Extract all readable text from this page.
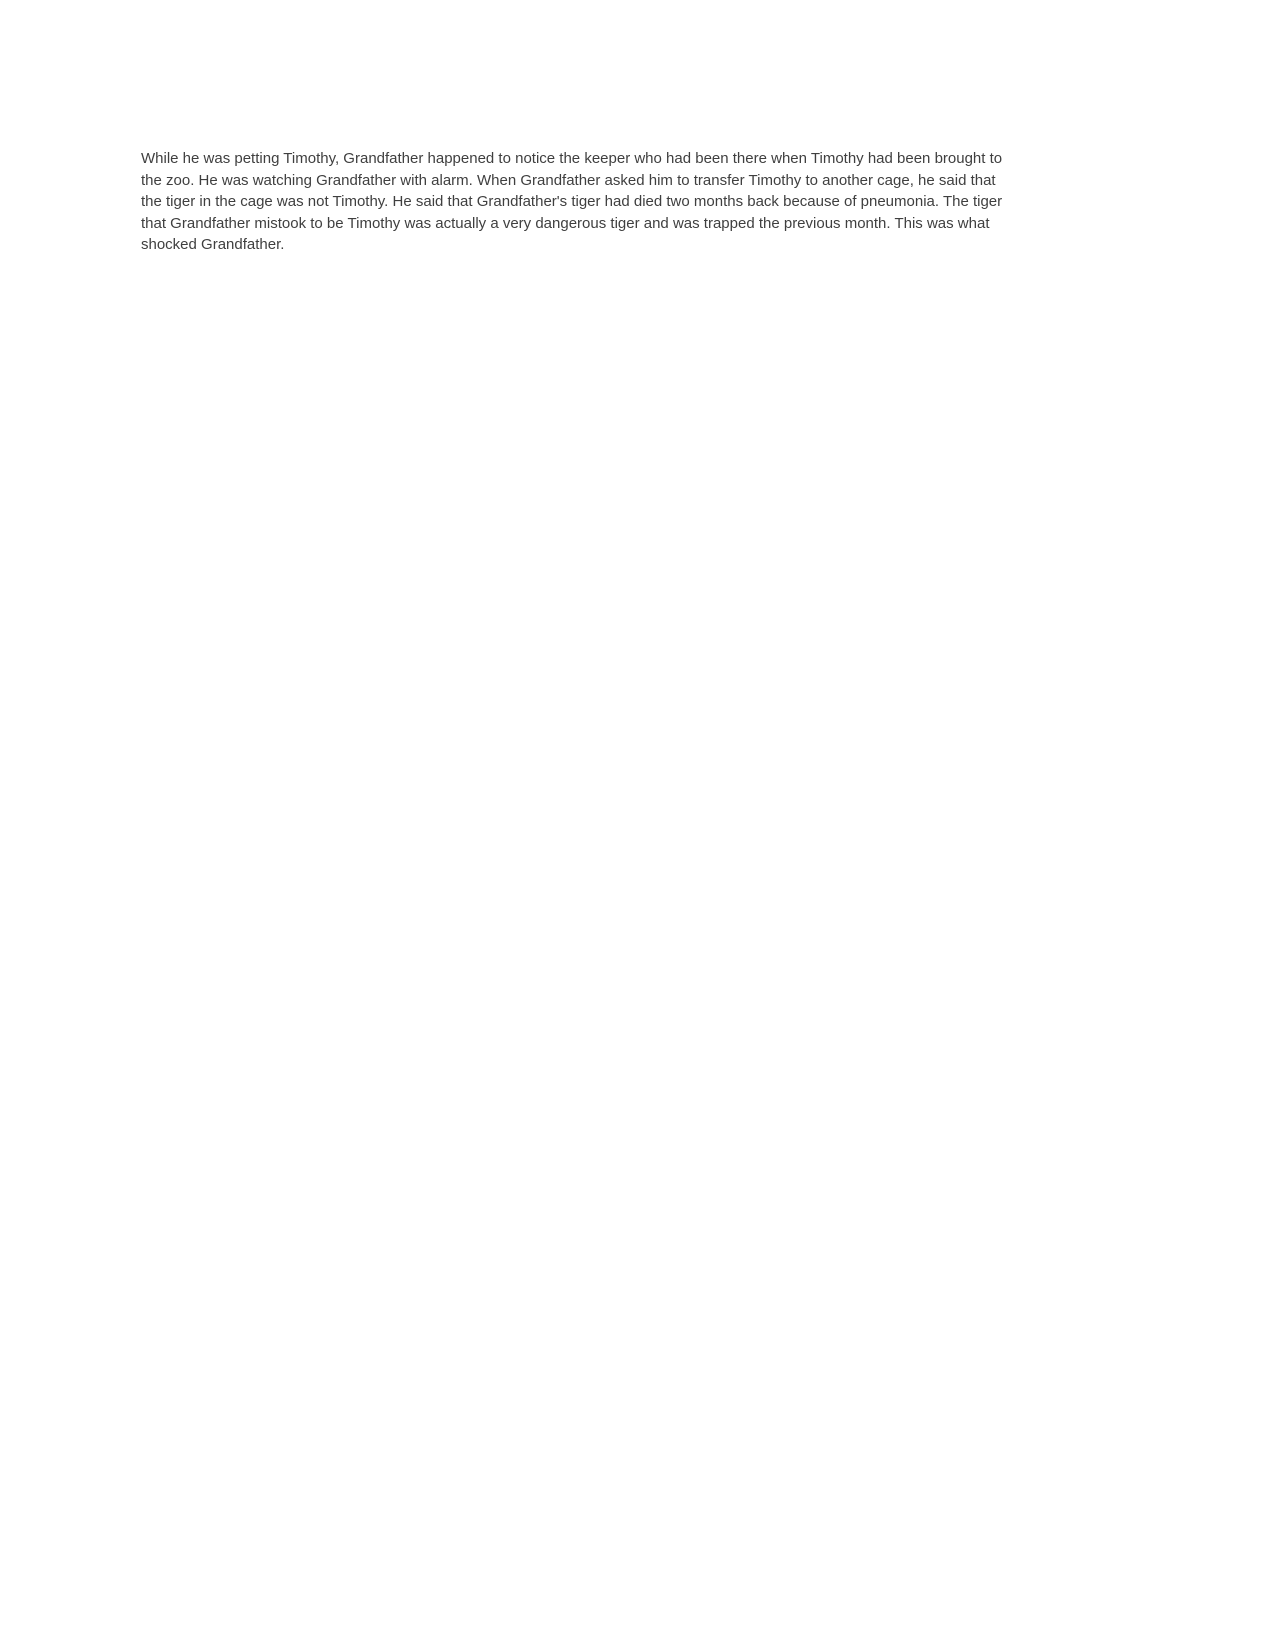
While he was petting Timothy, Grandfather happened to notice the keeper who had been there when Timothy had been brought to
the zoo. He was watching Grandfather with alarm. When Grandfather asked him to transfer Timothy to another cage, he said that
the tiger in the cage was not Timothy. He said that Grandfather's tiger had died two months back because of pneumonia. The tiger
that Grandfather mistook to be Timothy was actually a very dangerous tiger and was trapped the previous month. This was what
shocked Grandfather.
